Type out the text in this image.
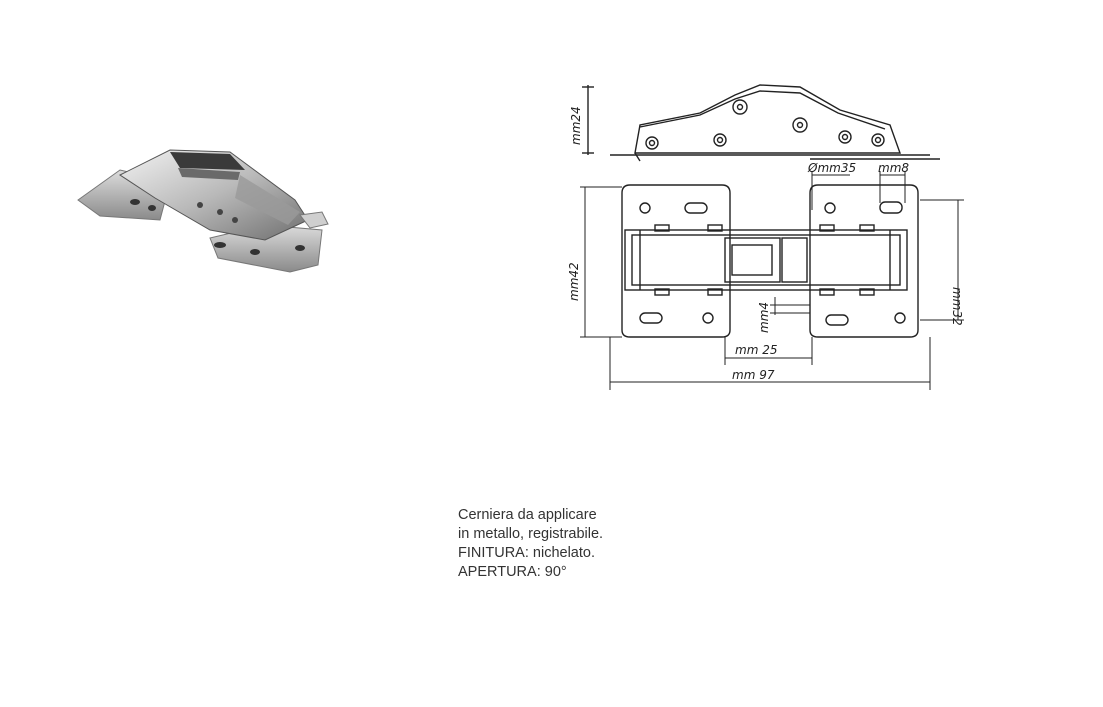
mm24
Ømm35 mm8
mm42
mm32
mm4
mm 25
mm 97
Cerniera da applicare
in metallo, registrabile.
FINITURA: nichelato.
APERTURA: 90°
